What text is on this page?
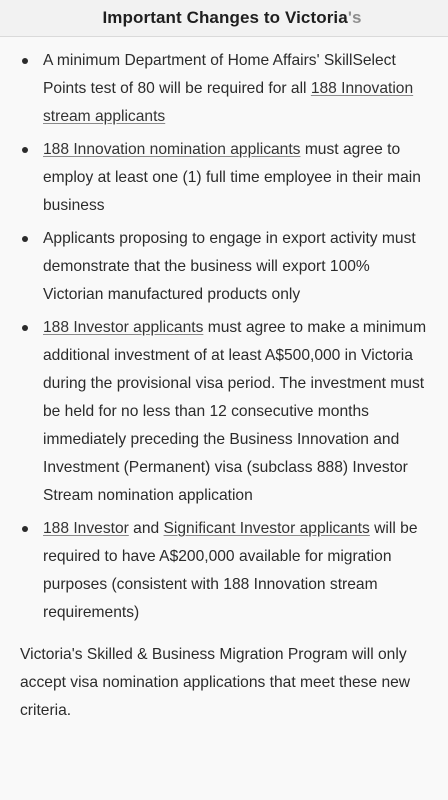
Important Changes to Victoria's
A minimum Department of Home Affairs' SkillSelect Points test of 80 will be required for all 188 Innovation stream applicants
188 Innovation nomination applicants must agree to employ at least one (1) full time employee in their main business
Applicants proposing to engage in export activity must demonstrate that the business will export 100% Victorian manufactured products only
188 Investor applicants must agree to make a minimum additional investment of at least A$500,000 in Victoria during the provisional visa period. The investment must be held for no less than 12 consecutive months immediately preceding the Business Innovation and Investment (Permanent) visa (subclass 888) Investor Stream nomination application
188 Investor and Significant Investor applicants will be required to have A$200,000 available for migration purposes (consistent with 188 Innovation stream requirements)

Victoria's Skilled & Business Migration Program will only accept visa nomination applications that meet these new criteria.
